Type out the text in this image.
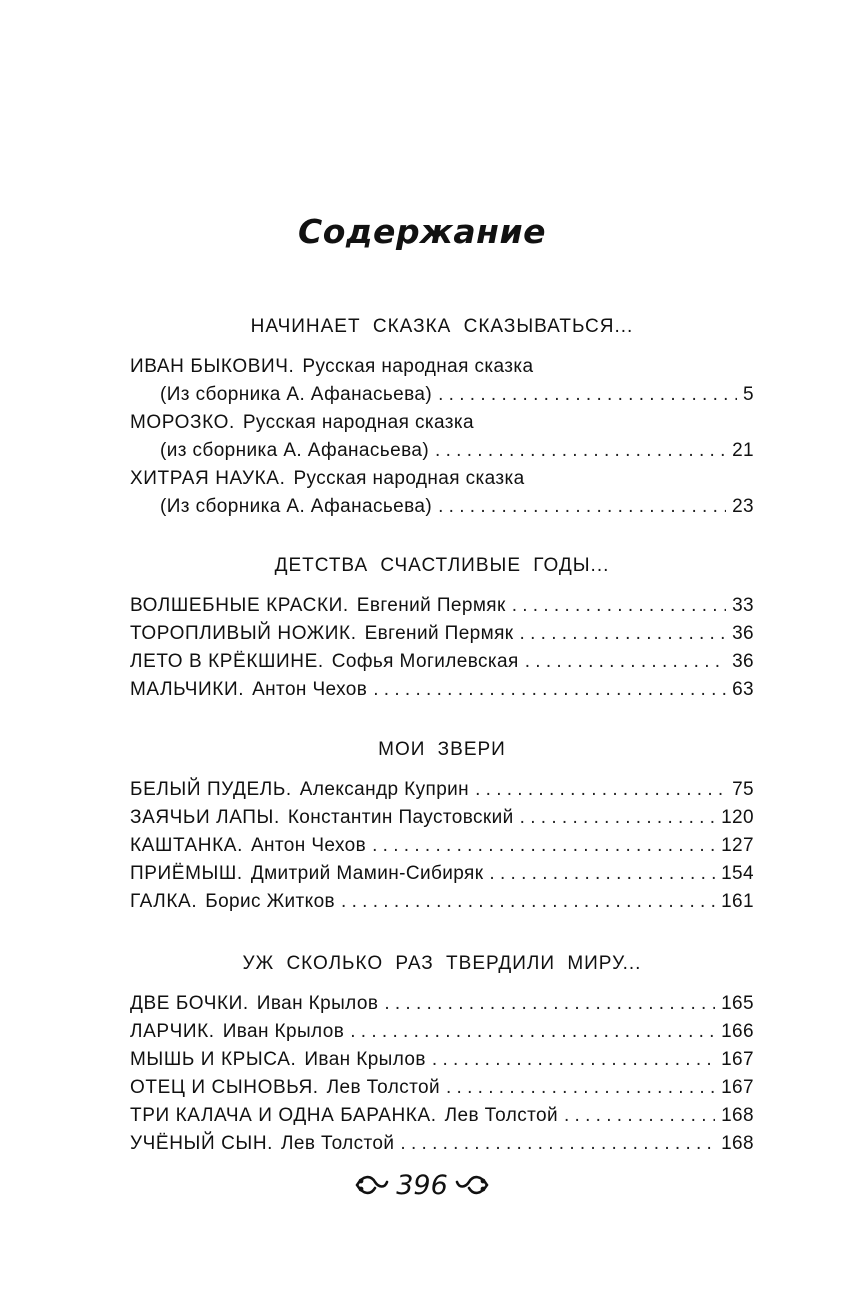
Содержание
НАЧИНАЕТ СКАЗКА СКАЗЫВАТЬСЯ...
ИВАН БЫКОВИЧ. Русская народная сказка
(Из сборника А. Афанасьева) . . .	5
МОРОЗКО. Русская народная сказка
(из сборника А. Афанасьева) . . .	21
ХИТРАЯ НАУКА. Русская народная сказка
(Из сборника А. Афанасьева) . . .	23
ДЕТСТВА СЧАСТЛИВЫЕ ГОДЫ...
ВОЛШЕБНЫЕ КРАСКИ. Евгений Пермяк . . .	33
ТОРОПЛИВЫЙ НОЖИК. Евгений Пермяк . . .	36
ЛЕТО В КРЁКШИНЕ. Софья Могилевская . . .	36
МАЛЬЧИКИ. Антон Чехов . . .	63
МОИ ЗВЕРИ
БЕЛЫЙ ПУДЕЛЬ. Александр Куприн . . .	75
ЗАЯЧЬИ ЛАПЫ. Константин Паустовский . . .	120
КАШТАНКА. Антон Чехов . . .	127
ПРИЁМЫШ. Дмитрий Мамин-Сибиряк . . .	154
ГАЛКА. Борис Житков . . .	161
УЖ СКОЛЬКО РАЗ ТВЕРДИЛИ МИРУ...
ДВЕ БОЧКИ. Иван Крылов . . .	165
ЛАРЧИК. Иван Крылов . . .	166
МЫШЬ И КРЫСА. Иван Крылов . . .	167
ОТЕЦ И СЫНОВЬЯ. Лев Толстой . . .	167
ТРИ КАЛАЧА И ОДНА БАРАНКА. Лев Толстой . . .	168
УЧЁНЫЙ СЫН. Лев Толстой . . .	168
396
